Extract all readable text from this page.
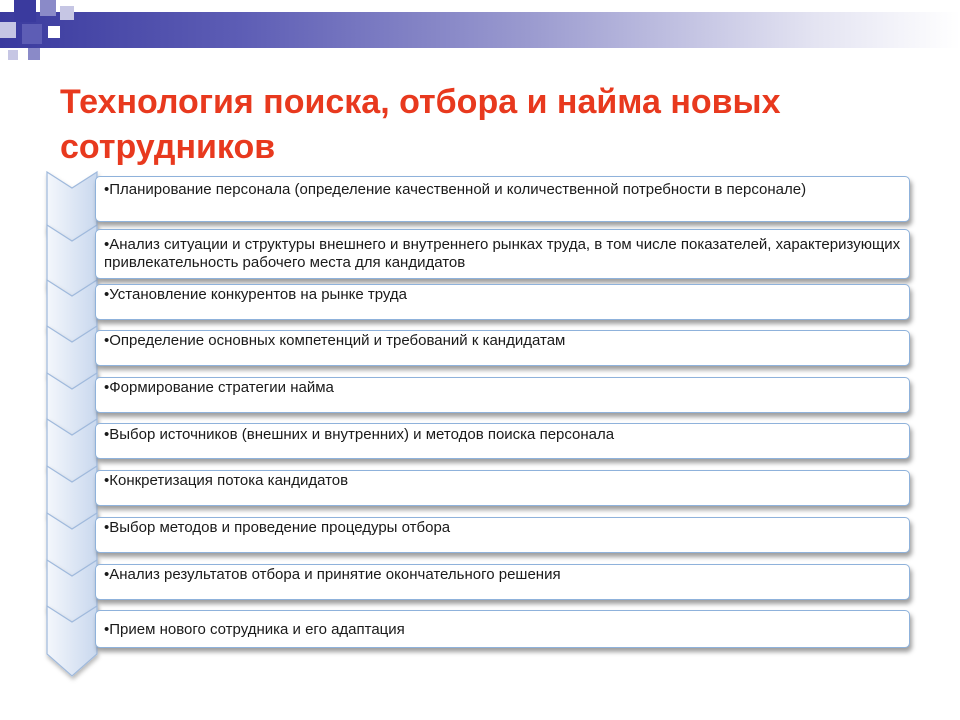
Технология поиска, отбора и найма новых сотрудников
•Планирование персонала (определение качественной и количественной потребности в персонале)
•Анализ ситуации и структуры внешнего и внутреннего рынках труда, в том числе показателей, характеризующих привлекательность рабочего места для кандидатов
•Установление конкурентов на рынке труда
•Определение основных компетенций и требований к кандидатам
•Формирование стратегии найма
•Выбор источников (внешних и внутренних) и методов поиска персонала
•Конкретизация потока кандидатов
•Выбор методов и проведение процедуры отбора
•Анализ результатов отбора и принятие окончательного решения
•Прием нового сотрудника и его адаптация
